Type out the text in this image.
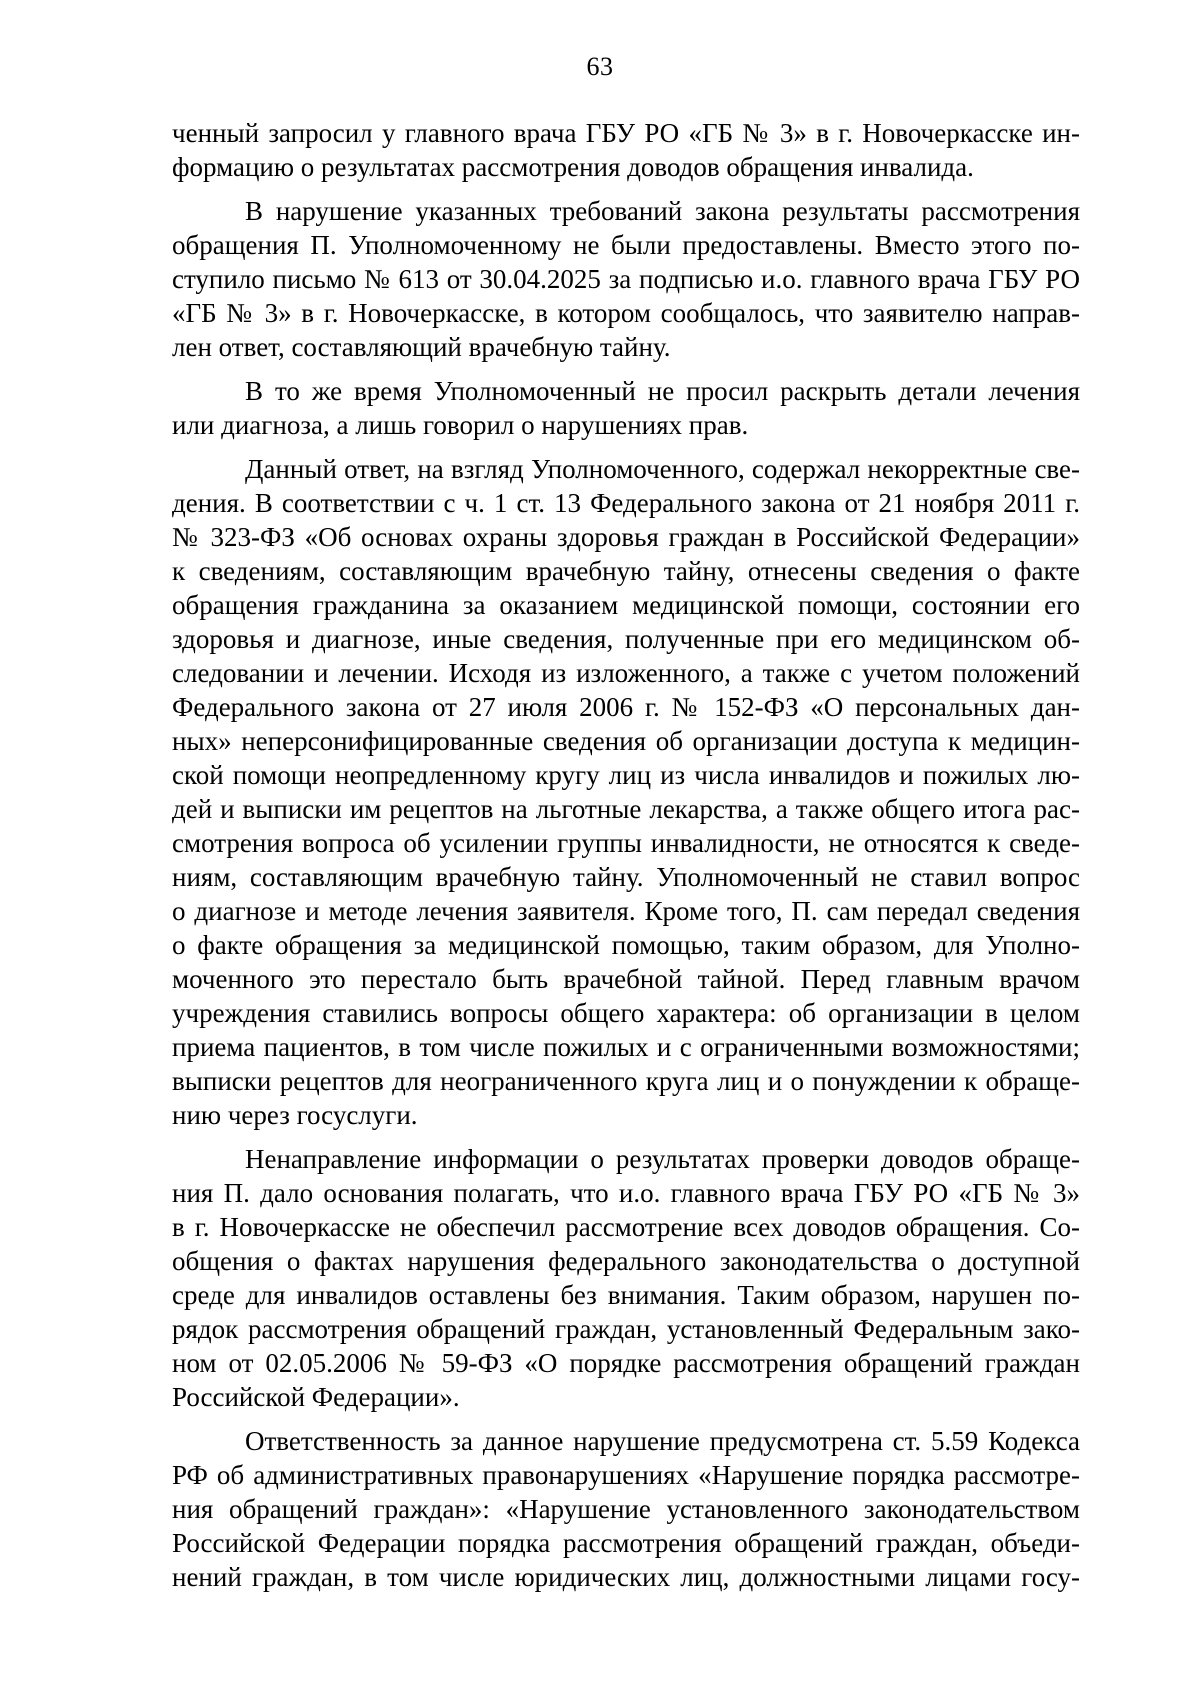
63
ченный запросил у главного врача ГБУ РО «ГБ № 3» в г. Новочеркасске ин-
формацию о результатах рассмотрения доводов обращения инвалида.
В нарушение указанных требований закона результаты рассмотрения
обращения П. Уполномоченному не были предоставлены. Вместо этого по-
ступило письмо № 613 от 30.04.2025 за подписью и.о. главного врача ГБУ РО
«ГБ № 3» в г. Новочеркасске, в котором сообщалось, что заявителю направ-
лен ответ, составляющий врачебную тайну.
В то же время Уполномоченный не просил раскрыть детали лечения
или диагноза, а лишь говорил о нарушениях прав.
Данный ответ, на взгляд Уполномоченного, содержал некорректные све-
дения. В соответствии с ч. 1 ст. 13 Федерального закона от 21 ноября 2011 г.
№ 323-ФЗ «Об основах охраны здоровья граждан в Российской Федерации»
к сведениям, составляющим врачебную тайну, отнесены сведения о факте
обращения гражданина за оказанием медицинской помощи, состоянии его
здоровья и диагнозе, иные сведения, полученные при его медицинском об-
следовании и лечении. Исходя из изложенного, а также с учетом положений
Федерального закона от 27 июля 2006 г. № 152-ФЗ «О персональных дан-
ных» неперсонифицированные сведения об организации доступа к медицин-
ской помощи неопредленному кругу лиц из числа инвалидов и пожилых лю-
дей и выписки им рецептов на льготные лекарства, а также общего итога рас-
смотрения вопроса об усилении группы инвалидности, не относятся к сведе-
ниям, составляющим врачебную тайну. Уполномоченный не ставил вопрос
о диагнозе и методе лечения заявителя. Кроме того, П. сам передал сведения
о факте обращения за медицинской помощью, таким образом, для Уполно-
моченного это перестало быть врачебной тайной. Перед главным врачом
учреждения ставились вопросы общего характера: об организации в целом
приема пациентов, в том числе пожилых и с ограниченными возможностями;
выписки рецептов для неограниченного круга лиц и о понуждении к обраще-
нию через госуслуги.
Ненаправление информации о результатах проверки доводов обраще-
ния П. дало основания полагать, что и.о. главного врача ГБУ РО «ГБ № 3»
в г. Новочеркасске не обеспечил рассмотрение всех доводов обращения. Со-
общения о фактах нарушения федерального законодательства о доступной
среде для инвалидов оставлены без внимания. Таким образом, нарушен по-
рядок рассмотрения обращений граждан, установленный Федеральным зако-
ном от 02.05.2006 № 59-ФЗ «О порядке рассмотрения обращений граждан
Российской Федерации».
Ответственность за данное нарушение предусмотрена ст. 5.59 Кодекса
РФ об административных правонарушениях «Нарушение порядка рассмотре-
ния обращений граждан»: «Нарушение установленного законодательством
Российской Федерации порядка рассмотрения обращений граждан, объеди-
нений граждан, в том числе юридических лиц, должностными лицами госу-
